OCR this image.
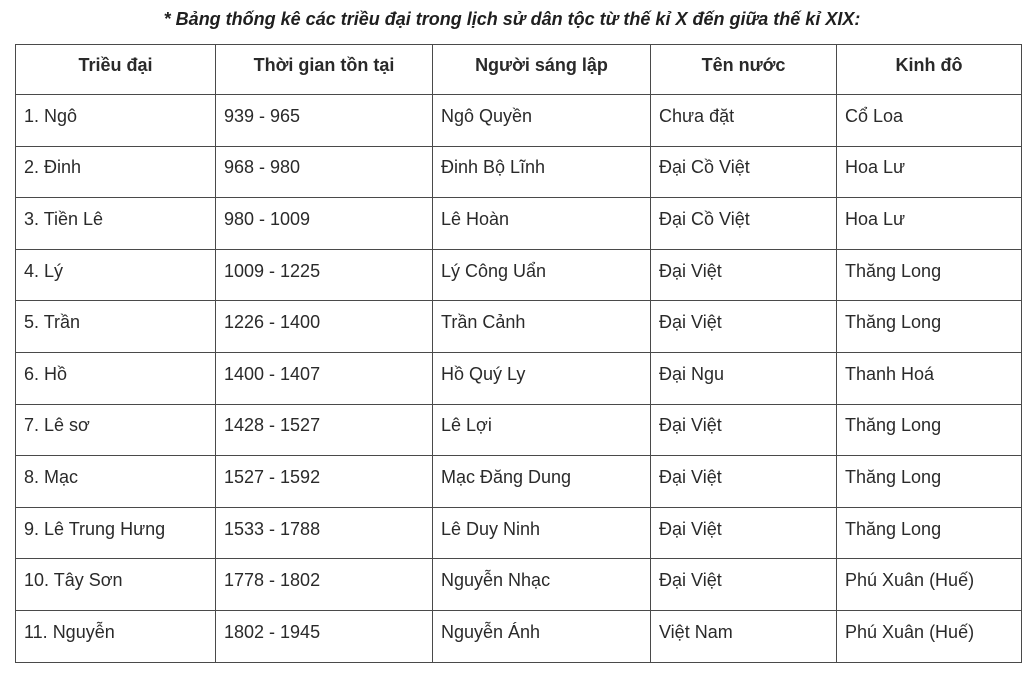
* Bảng thống kê các triều đại trong lịch sử dân tộc từ thế kỉ X đến giữa thế kỉ XIX:
Triều đại	Thời gian tồn tại	Người sáng lập	Tên nước	Kinh đô
1. Ngô	939 - 965	Ngô Quyền	Chưa đặt	Cổ Loa
2. Đinh	968 - 980	Đinh Bộ Lĩnh	Đại Cồ Việt	Hoa Lư
3. Tiền Lê	980 - 1009	Lê Hoàn	Đại Cồ Việt	Hoa Lư
4. Lý	1009 - 1225	Lý Công Uẩn	Đại Việt	Thăng Long
5. Trần	1226 - 1400	Trần Cảnh	Đại Việt	Thăng Long
6. Hồ	1400 - 1407	Hồ Quý Ly	Đại Ngu	Thanh Hoá
7. Lê sơ	1428 - 1527	Lê Lợi	Đại Việt	Thăng Long
8. Mạc	1527 - 1592	Mạc Đăng Dung	Đại Việt	Thăng Long
9. Lê Trung Hưng	1533 - 1788	Lê Duy Ninh	Đại Việt	Thăng Long
10. Tây Sơn	1778 - 1802	Nguyễn Nhạc	Đại Việt	Phú Xuân (Huế)
11. Nguyễn	1802 - 1945	Nguyễn Ánh	Việt Nam	Phú Xuân (Huế)
